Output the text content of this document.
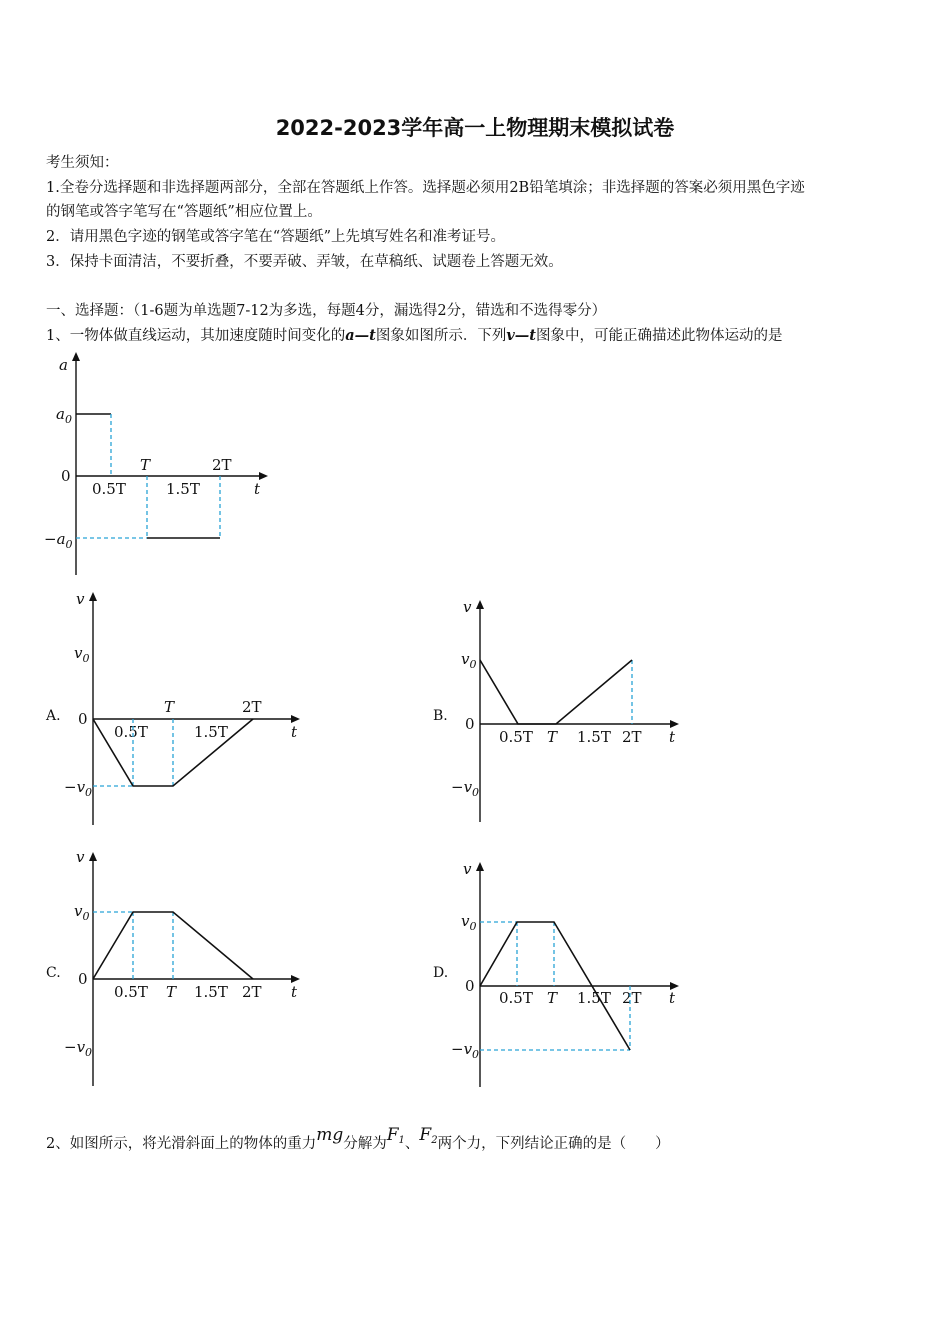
2022-2023学年高一上物理期末模拟试卷
考生须知：
1.全卷分选择题和非选择题两部分，全部在答题纸上作答。选择题必须用2B铅笔填涂；非选择题的答案必须用黑色字迹
的钢笔或答字笔写在“答题纸”相应位置上。
2．请用黑色字迹的钢笔或答字笔在“答题纸”上先填写姓名和准考证号。
3．保持卡面清洁，不要折叠，不要弄破、弄皱，在草稿纸、试题卷上答题无效。
一、选择题：（1-6题为单选题7-12为多选，每题4分，漏选得2分，错选和不选得零分）
1、一物体做直线运动，其加速度随时间变化的a—t图象如图所示．下列v—t图象中，可能正确描述此物体运动的是
a
t
0
$a_0$
$-a_0$
0.5T
T
1.5T
2T
A.
v
t
0
$v_0$
$-v_0$
0.5T
T
1.5T
2T	B.
v
t
0
$v_0$
$-v_0$
0.5T T 1.5T 2T
C.
v
t
0
$v_0$
$-v_0$
0.5T T 1.5T 2T
D.
v
t
0
$v_0$
$-v_0$
0.5T T 1.5T 2T
2、如图所示，将光滑斜面上的物体的重力mg分解为$F_1$、$F_2$两个力，下列结论正确的是（　　）
